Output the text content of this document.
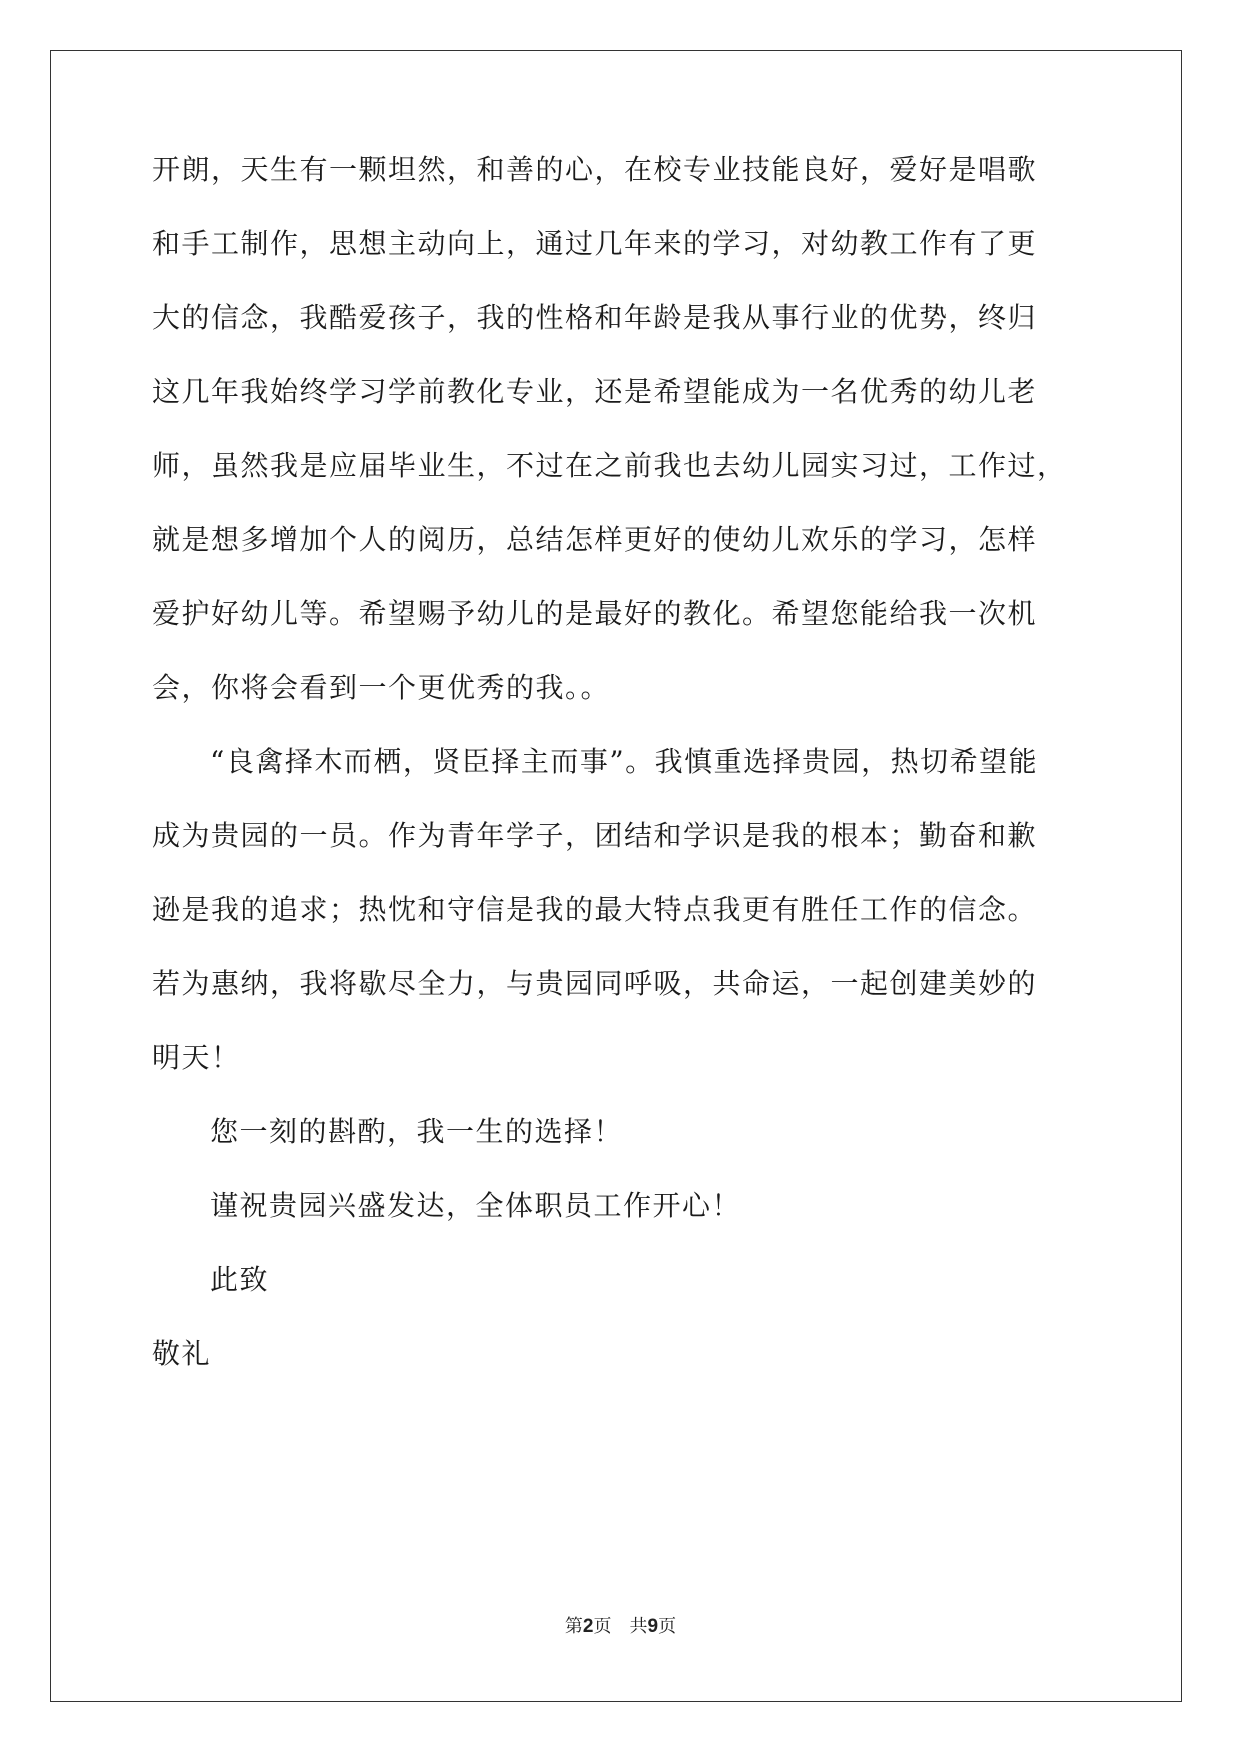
开朗，天生有一颗坦然，和善的心，在校专业技能良好，爱好是唱歌
和手工制作，思想主动向上，通过几年来的学习，对幼教工作有了更
大的信念，我酷爱孩子，我的性格和年龄是我从事行业的优势，终归
这几年我始终学习学前教化专业，还是希望能成为一名优秀的幼儿老
师，虽然我是应届毕业生，不过在之前我也去幼儿园实习过，工作过，
就是想多增加个人的阅历，总结怎样更好的使幼儿欢乐的学习，怎样
爱护好幼儿等。希望赐予幼儿的是最好的教化。希望您能给我一次机
会，你将会看到一个更优秀的我。。
“良禽择木而栖，贤臣择主而事”。我慎重选择贵园，热切希望能
成为贵园的一员。作为青年学子，团结和学识是我的根本；勤奋和歉
逊是我的追求；热忱和守信是我的最大特点我更有胜任工作的信念。
若为惠纳，我将歇尽全力，与贵园同呼吸，共命运，一起创建美妙的
明天！
您一刻的斟酌，我一生的选择！
谨祝贵园兴盛发达，全体职员工作开心！
此致
敬礼
第2页　共9页
